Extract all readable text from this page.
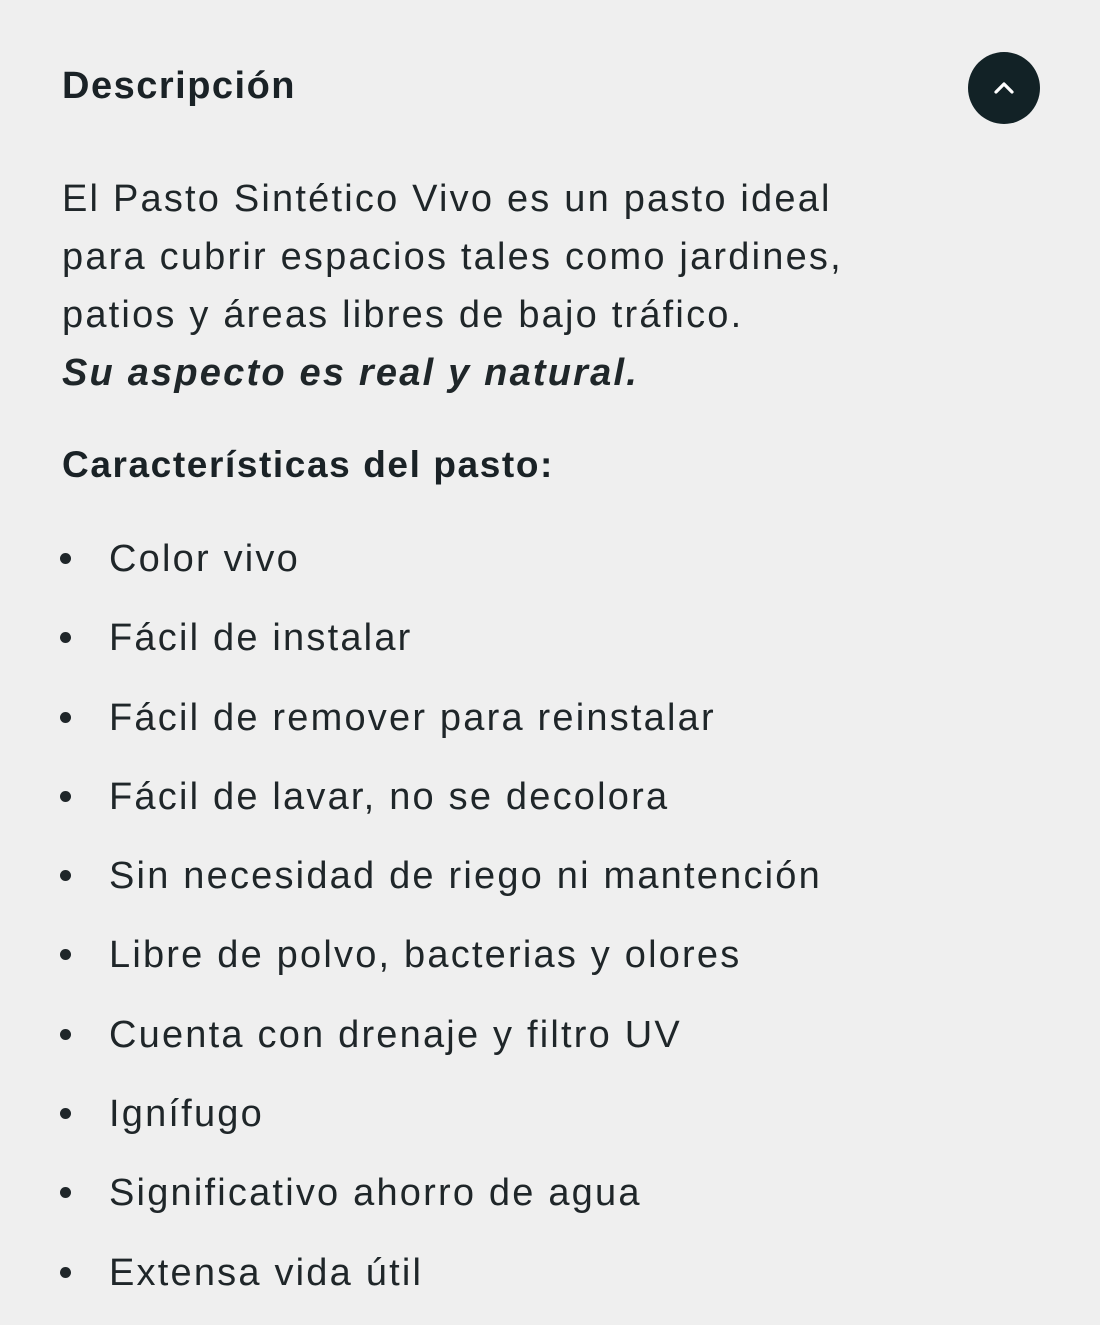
Descripción

El Pasto Sintético Vivo es un pasto ideal
para cubrir espacios tales como jardines,
patios y áreas libres de bajo tráfico.
Su aspecto es real y natural.

Características del pasto:
Color vivo
Fácil de instalar
Fácil de remover para reinstalar
Fácil de lavar, no se decolora
Sin necesidad de riego ni mantención
Libre de polvo, bacterias y olores
Cuenta con drenaje y filtro UV
Ignífugo
Significativo ahorro de agua
Extensa vida útil
